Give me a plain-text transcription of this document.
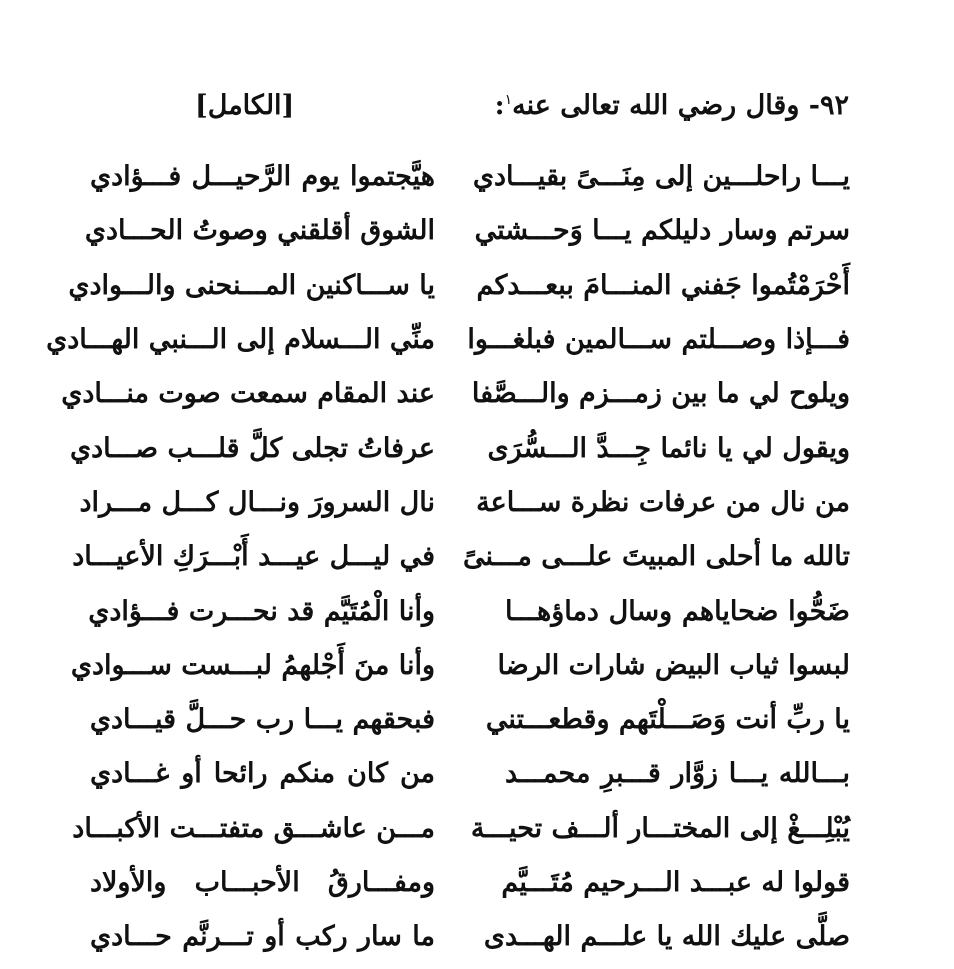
٩٢- وقال رضي الله تعالى عنه$^١$:
[الكامل]
يـــا راحلـــين إلى مِنَـــىً بقيـــادي
هيَّجتموا يوم الرَّحيـــل فـــؤادي
سرتم وسار دليلكم يـــا وَحـــشتي
الشوق أقلقني وصوتُ الحـــادي
أَحْرَمْتُموا جَفني المنـــامَ ببعـــدكم
يا ســـاكنين المـــنحنى والـــوادي
فـــإذا وصـــلتم ســـالمين فبلغـــوا
منِّي الـــسلام إلى الـــنبي الهـــادي
ويلوح لي ما بين زمـــزم والـــصَّفا
عند المقام سمعت صوت منـــادي
ويقول لي يا نائما جِـــدَّ الـــسُّرَى
عرفاتُ تجلى كلَّ قلـــب صـــادي
من نال من عرفات نظرة ســـاعة
نال السرورَ ونـــال كـــل مـــراد
تالله ما أحلى المبيتَ علـــى مـــنىً
في ليـــل عيـــد أَبْـــرَكِ الأعيـــاد
ضَحُّوا ضحاياهم وسال دماؤهـــا
وأنا الْمُتَيَّم قد نحـــرت فـــؤادي
لبسوا ثياب البيض شارات الرضا
وأنا منَ أَجْلهمُ لبـــست ســـوادي
يا ربِّ أنت وَصَـــلْتَهم وقطعـــتني
فبحقهم يـــا رب حـــلَّ قيـــادي
بـــالله يـــا زوَّار قـــبرِ محمـــد
من كان منكم رائحا أو غـــادي
يُبْلِـــغْ إلى المختـــار ألـــف تحيـــة
مـــن عاشـــق متفتـــت الأكبـــاد
قولوا له عبـــد الـــرحيم مُتَـــيَّم
ومفـــارقُ الأحبـــاب والأولاد
صلَّى عليك الله يا علـــم الهـــدى
ما سار ركب أو تـــرنَّم حـــادي
